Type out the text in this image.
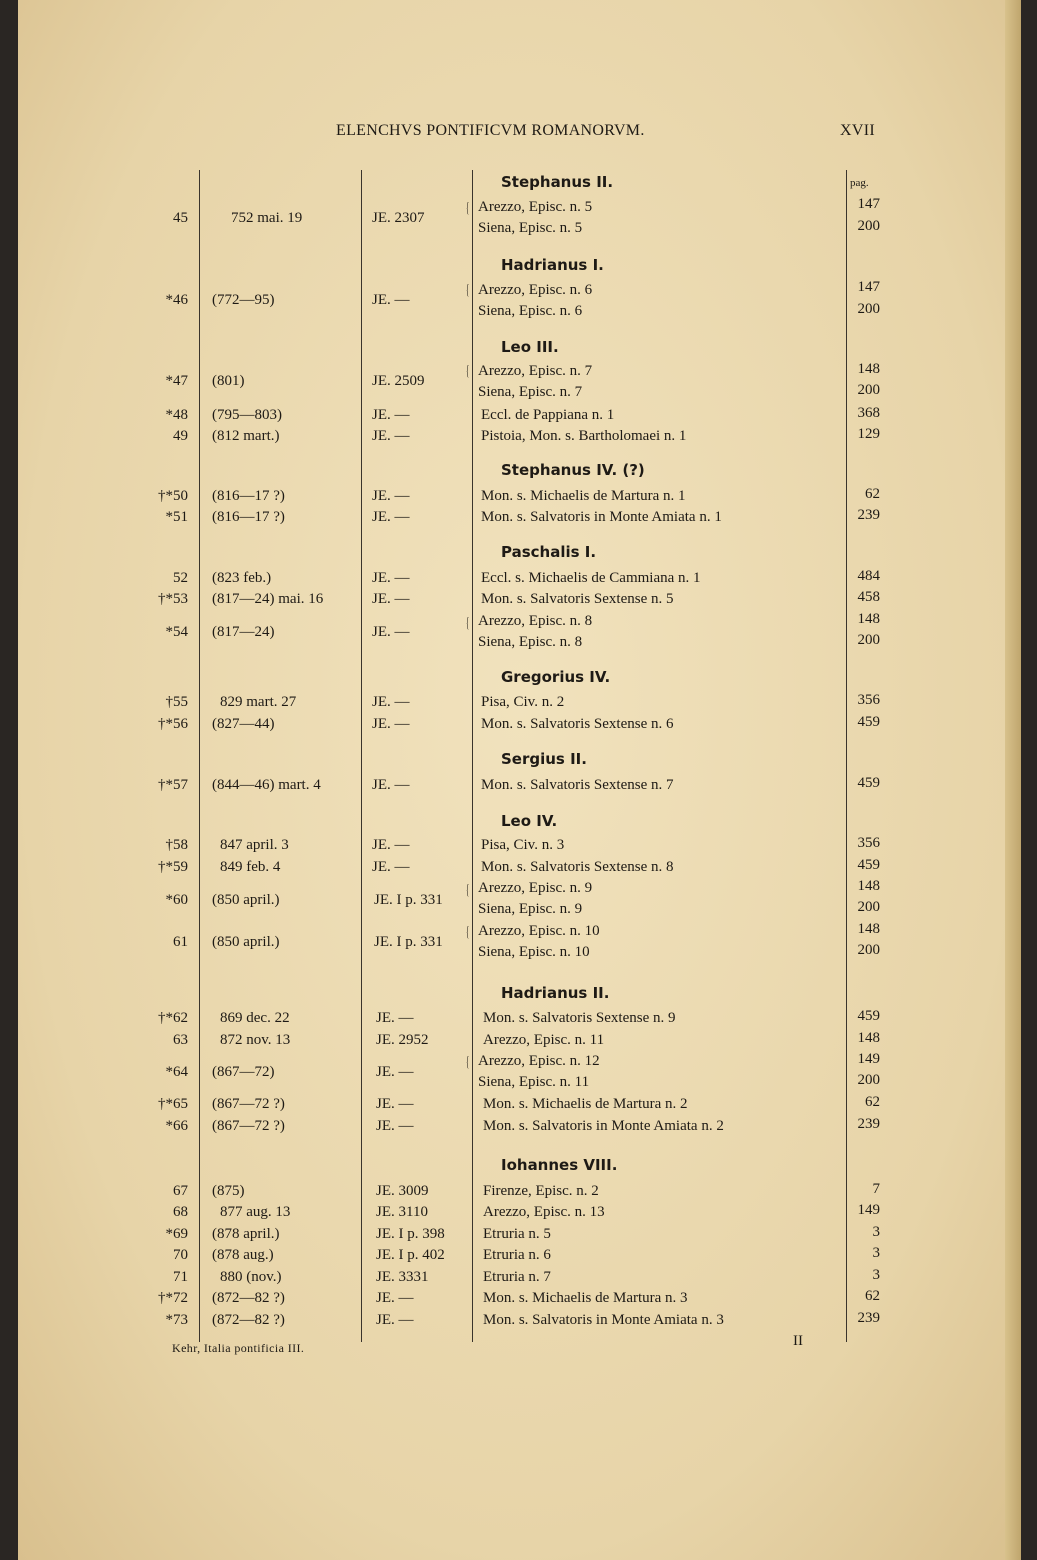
ELENCHVS PONTIFICVM ROMANORVM.	XVII
pag.
45
*46
*47
*48
49
†*50
*51
52
†*53
*54
†55
†*56
†*57
†58
†*59
*60
61
†*62
63
*64
†*65
*66
67
68
*69
70
71
†*72
*73
752 mai. 19
(772—95)
(801)
(795—803)
(812 mart.)
(816—17 ?)
(816—17 ?)
(823 feb.)
(817—24) mai. 16
(817—24)
829 mart. 27
(827—44)
(844—46) mart. 4
847 april. 3
849 feb. 4
(850 april.)
(850 april.)
869 dec. 22
872 nov. 13
(867—72)
(867—72 ?)
(867—72 ?)
(875)
877 aug. 13
(878 april.)
(878 aug.)
880 (nov.)
(872—82 ?)
(872—82 ?)
JE. 2307
JE. —
JE. 2509
JE. —
JE. —
JE. —
JE. —
JE. —
JE. —
JE. —
JE. —
JE. —
JE. —
JE. —
JE. —
JE. I p. 331
JE. I p. 331
JE. —
JE. 2952
JE. —
JE. —
JE. —
JE. 3009
JE. 3110
JE. I p. 398
JE. I p. 402
JE. 3331
JE. —
JE. —
Stephanus II.
Hadrianus I.
Leo III.
Stephanus IV. (?)
Paschalis I.
Gregorius IV.
Sergius II.
Leo IV.
Hadrianus II.
Iohannes VIII.
{
{
{
{
{
{
{
Arezzo, Episc. n. 5
Siena, Episc. n. 5
Arezzo, Episc. n. 6
Siena, Episc. n. 6
Arezzo, Episc. n. 7
Siena, Episc. n. 7
Eccl. de Pappiana n. 1
Pistoia, Mon. s. Bartholomaei n. 1
Mon. s. Michaelis de Martura n. 1
Mon. s. Salvatoris in Monte Amiata n. 1
Eccl. s. Michaelis de Cammiana n. 1
Mon. s. Salvatoris Sextense n. 5
Arezzo, Episc. n. 8
Siena, Episc. n. 8
Pisa, Civ. n. 2
Mon. s. Salvatoris Sextense n. 6
Mon. s. Salvatoris Sextense n. 7
Pisa, Civ. n. 3
Mon. s. Salvatoris Sextense n. 8
Arezzo, Episc. n. 9
Siena, Episc. n. 9
Arezzo, Episc. n. 10
Siena, Episc. n. 10
Mon. s. Salvatoris Sextense n. 9
Arezzo, Episc. n. 11
Arezzo, Episc. n. 12
Siena, Episc. n. 11
Mon. s. Michaelis de Martura n. 2
Mon. s. Salvatoris in Monte Amiata n. 2
Firenze, Episc. n. 2
Arezzo, Episc. n. 13
Etruria n. 5
Etruria n. 6
Etruria n. 7
Mon. s. Michaelis de Martura n. 3
Mon. s. Salvatoris in Monte Amiata n. 3
147
200
147
200
148
200
368
129
62
239
484
458
148
200
356
459
459
356
459
148
200
148
200
459
148
149
200
62
239
7
149
3
3
3
62
239
Kehr, Italia pontificia III.	II
